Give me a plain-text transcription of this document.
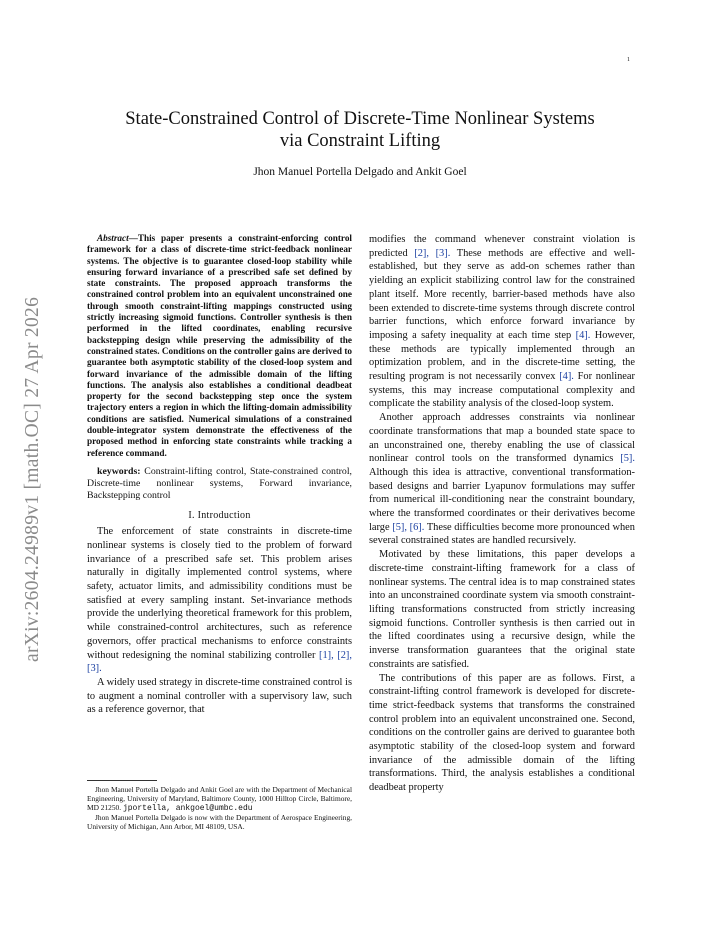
1
arXiv:2604.24989v1 [math.OC] 27 Apr 2026
State-Constrained Control of Discrete-Time Nonlinear Systems
via Constraint Lifting
Jhon Manuel Portella Delgado and Ankit Goel

Abstract—This paper presents a constraint-enforcing control framework for a class of discrete-time strict-feedback nonlinear systems. The objective is to guarantee closed-loop stability while ensuring forward invariance of a prescribed safe set defined by state constraints. The proposed approach transforms the constrained control problem into an equivalent unconstrained one through smooth constraint-lifting mappings constructed using strictly increasing sigmoid functions. Controller synthesis is then performed in the lifted coordinates, enabling recursive backstepping design while preserving the admissibility of the constrained states. Conditions on the controller gains are derived to guarantee both asymptotic stability of the closed-loop system and forward invariance of the admissible domain of the lifting functions. The analysis also establishes a conditional deadbeat property for the second backstepping step once the system trajectory enters a region in which the lifting-domain admissibility conditions are satisfied. Numerical simulations of a constrained double-integrator system demonstrate the effectiveness of the proposed method in enforcing state constraints while tracking a reference command.

keywords: Constraint-lifting control, State-constrained control, Discrete-time nonlinear systems, Forward invariance, Backstepping control

I. Introduction

The enforcement of state constraints in discrete-time nonlinear systems is closely tied to the problem of forward invariance of a prescribed safe set. This problem arises naturally in digitally implemented control systems, where safety, actuator limits, and admissibility conditions must be satisfied at every sampling instant. Set-invariance methods provide the underlying theoretical framework for this problem, while constrained-control architectures, such as reference governors, offer practical mechanisms to enforce constraints without redesigning the nominal stabilizing controller [1], [2], [3].

A widely used strategy in discrete-time constrained control is to augment a nominal controller with a supervisory law, such as a reference governor, that

Jhon Manuel Portella Delgado and Ankit Goel are with the Department of Mechanical Engineering, University of Maryland, Baltimore County, 1000 Hilltop Circle, Baltimore, MD 21250. jportella, ankgoel@umbc.edu

Jhon Manuel Portella Delgado is now with the Department of Aerospace Engineering, University of Michigan, Ann Arbor, MI 48109, USA.

modifies the command whenever constraint violation is predicted [2], [3]. These methods are effective and well-established, but they serve as add-on schemes rather than yielding an explicit stabilizing control law for the constrained plant itself. More recently, barrier-based methods have also been extended to discrete-time systems through discrete control barrier functions, which enforce forward invariance by imposing a safety inequality at each time step [4]. However, these methods are typically implemented through an optimization problem, and in the discrete-time setting, the resulting program is not necessarily convex [4]. For nonlinear systems, this may increase computational complexity and complicate the stability analysis of the closed-loop system.

Another approach addresses constraints via nonlinear coordinate transformations that map a bounded state space to an unconstrained one, thereby enabling the use of classical nonlinear control tools on the transformed dynamics [5]. Although this idea is attractive, conventional transformation-based designs and barrier Lyapunov formulations may suffer from numerical ill-conditioning near the constraint boundary, where the transformed coordinates or their derivatives become large [5], [6]. These difficulties become more pronounced when several constrained states are handled recursively.

Motivated by these limitations, this paper develops a discrete-time constraint-lifting framework for a class of nonlinear systems. The central idea is to map constrained states into an unconstrained coordinate system via smooth constraint-lifting transformations constructed from strictly increasing sigmoid functions. Controller synthesis is then carried out in the lifted coordinates using a recursive design, while the inverse transformation guarantees that the original state constraints are satisfied.

The contributions of this paper are as follows. First, a constraint-lifting control framework is developed for discrete-time strict-feedback systems that transforms the constrained control problem into an equivalent unconstrained one. Second, conditions on the controller gains are derived to guarantee both asymptotic stability of the closed-loop system and forward invariance of the admissible domain of the lifting transformations. Third, the analysis establishes a conditional deadbeat property
